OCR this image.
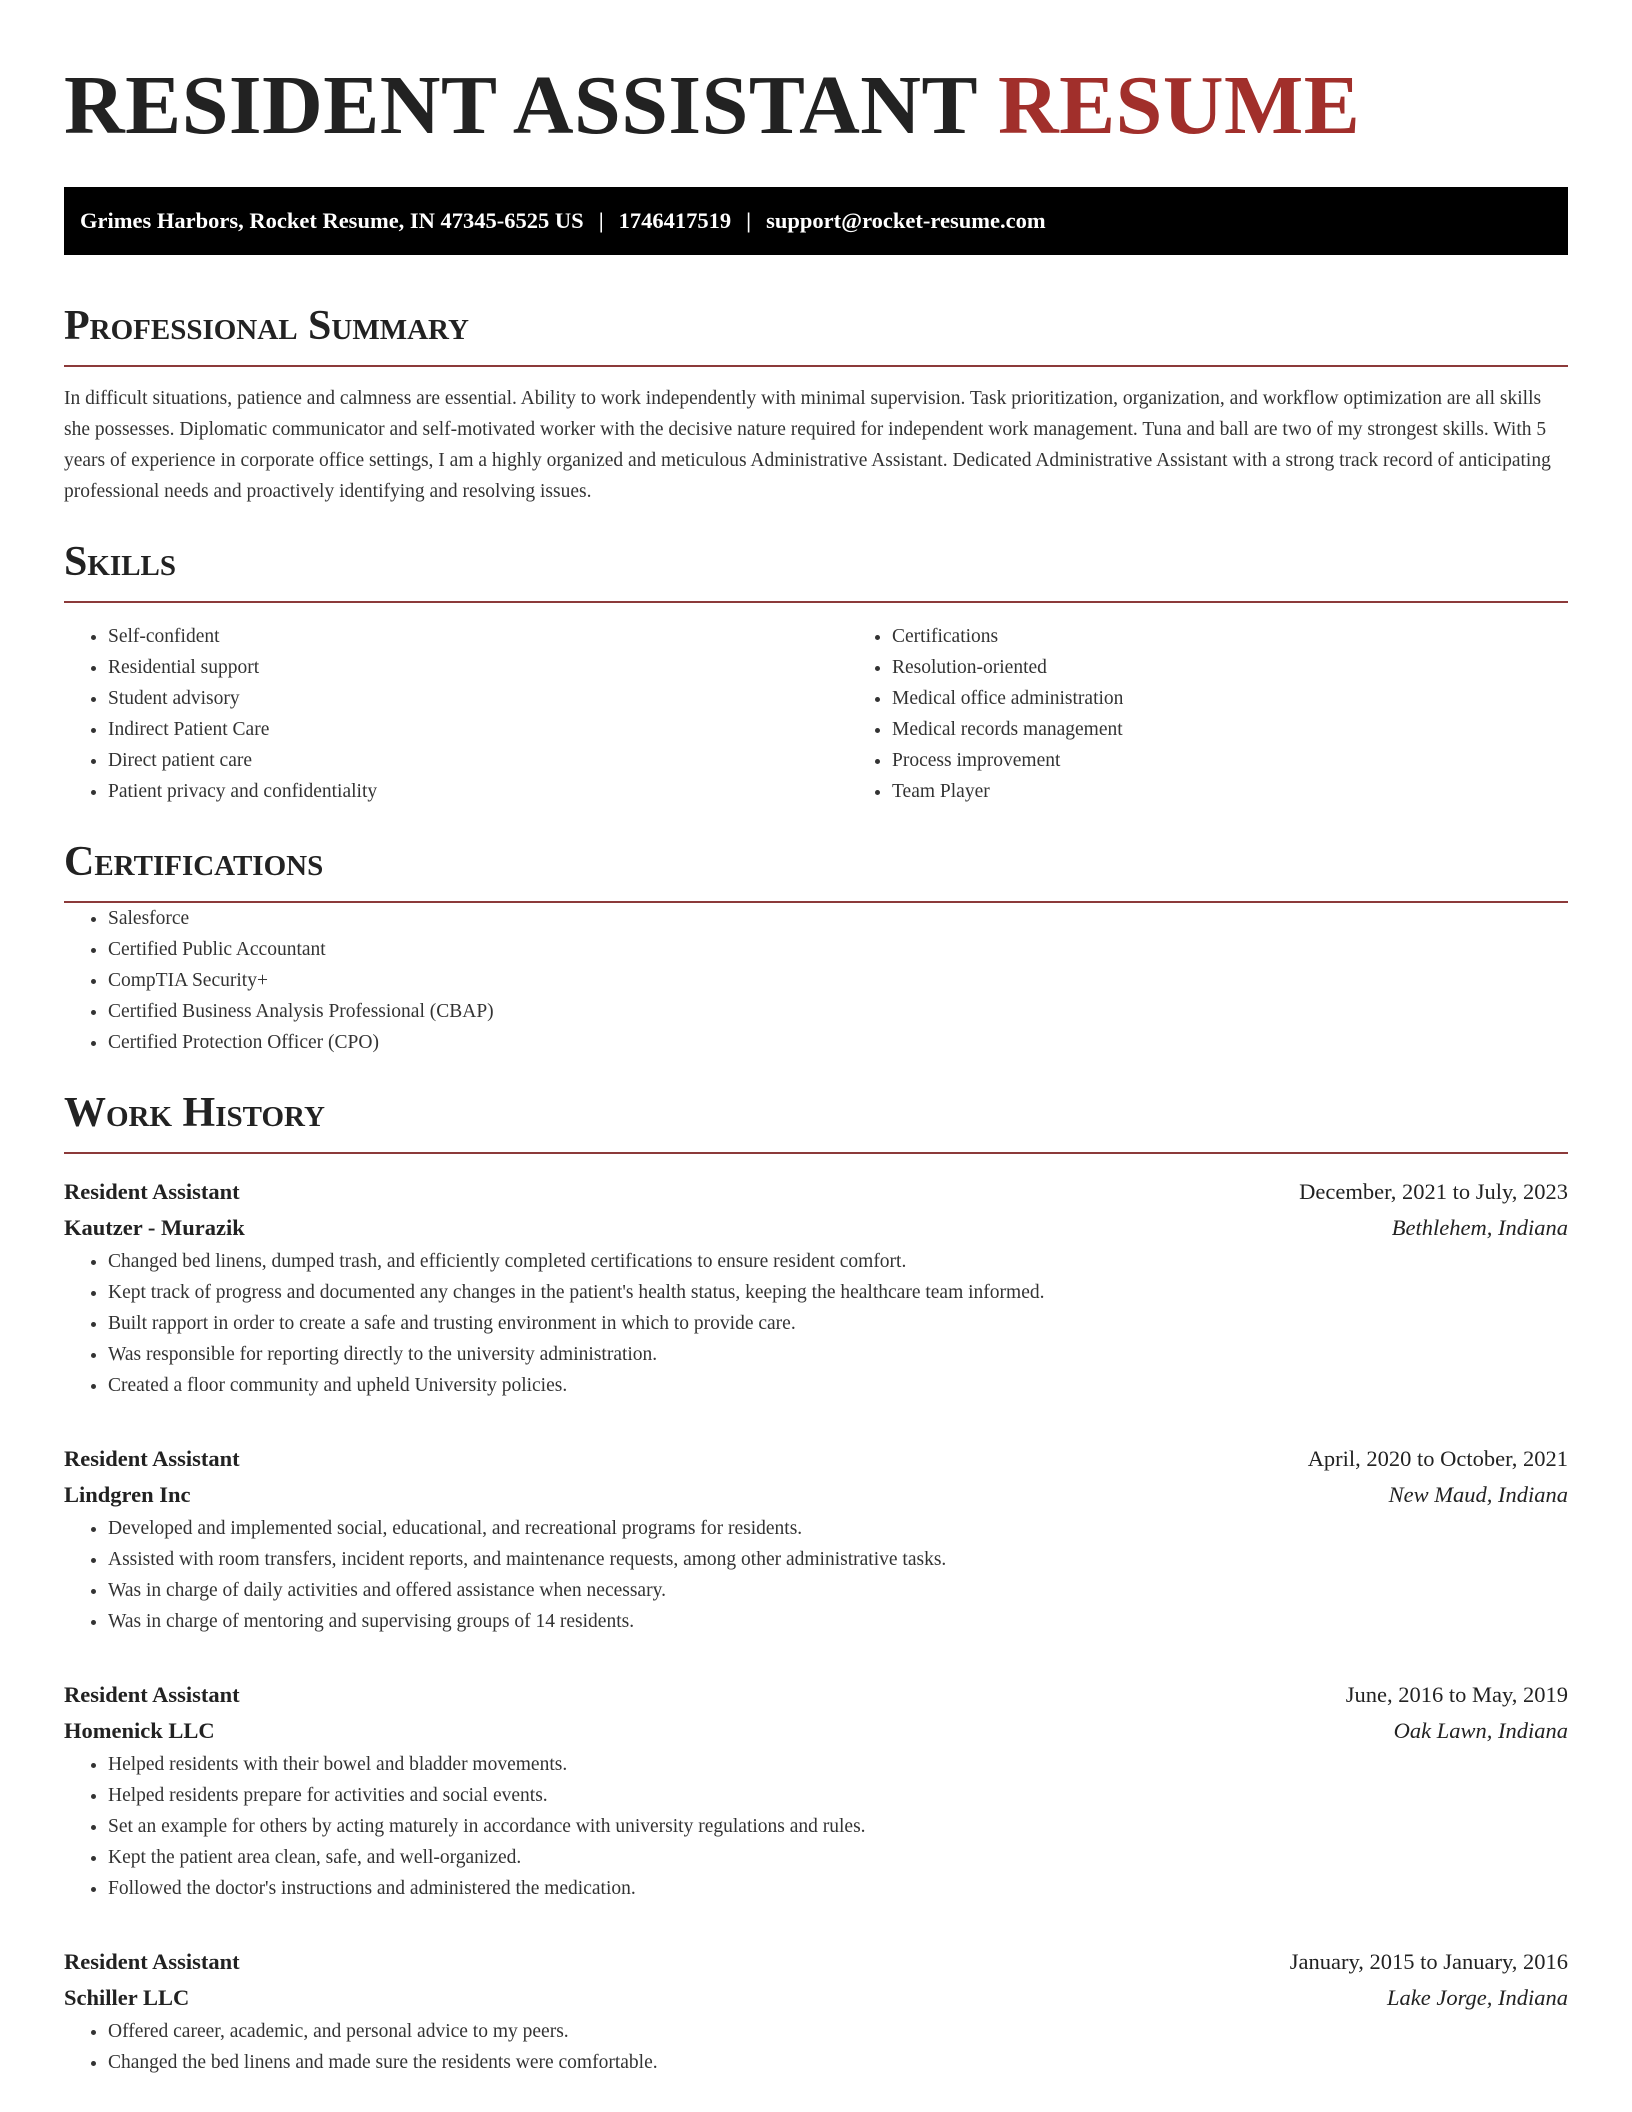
RESIDENT ASSISTANT RESUME
Grimes Harbors, Rocket Resume, IN 47345-6525 US | 1746417519 | support@rocket-resume.com
Professional Summary

In difficult situations, patience and calmness are essential. Ability to work independently with minimal supervision. Task prioritization, organization, and workflow optimization are all skills she possesses. Diplomatic communicator and self-motivated worker with the decisive nature required for independent work management. Tuna and ball are two of my strongest skills. With 5 years of experience in corporate office settings, I am a highly organized and meticulous Administrative Assistant. Dedicated Administrative Assistant with a strong track record of anticipating professional needs and proactively identifying and resolving issues.

Skills
• Self-confident
• Residential support
• Student advisory
• Indirect Patient Care
• Direct patient care
• Patient privacy and confidentiality
• Certifications
• Resolution-oriented
• Medical office administration
• Medical records management
• Process improvement
• Team Player
Certifications
• Salesforce
• Certified Public Accountant
• CompTIA Security+
• Certified Business Analysis Professional (CBAP)
• Certified Protection Officer (CPO)
Work History
Resident Assistant	December, 2021 to July, 2023
Kautzer - Murazik	Bethlehem, Indiana
• Changed bed linens, dumped trash, and efficiently completed certifications to ensure resident comfort.
• Kept track of progress and documented any changes in the patient's health status, keeping the healthcare team informed.
• Built rapport in order to create a safe and trusting environment in which to provide care.
• Was responsible for reporting directly to the university administration.
• Created a floor community and upheld University policies.
Resident Assistant	April, 2020 to October, 2021
Lindgren Inc	New Maud, Indiana
• Developed and implemented social, educational, and recreational programs for residents.
• Assisted with room transfers, incident reports, and maintenance requests, among other administrative tasks.
• Was in charge of daily activities and offered assistance when necessary.
• Was in charge of mentoring and supervising groups of 14 residents.
Resident Assistant	June, 2016 to May, 2019
Homenick LLC	Oak Lawn, Indiana
• Helped residents with their bowel and bladder movements.
• Helped residents prepare for activities and social events.
• Set an example for others by acting maturely in accordance with university regulations and rules.
• Kept the patient area clean, safe, and well-organized.
• Followed the doctor's instructions and administered the medication.
Resident Assistant	January, 2015 to January, 2016
Schiller LLC	Lake Jorge, Indiana
• Offered career, academic, and personal advice to my peers.
• Changed the bed linens and made sure the residents were comfortable.
